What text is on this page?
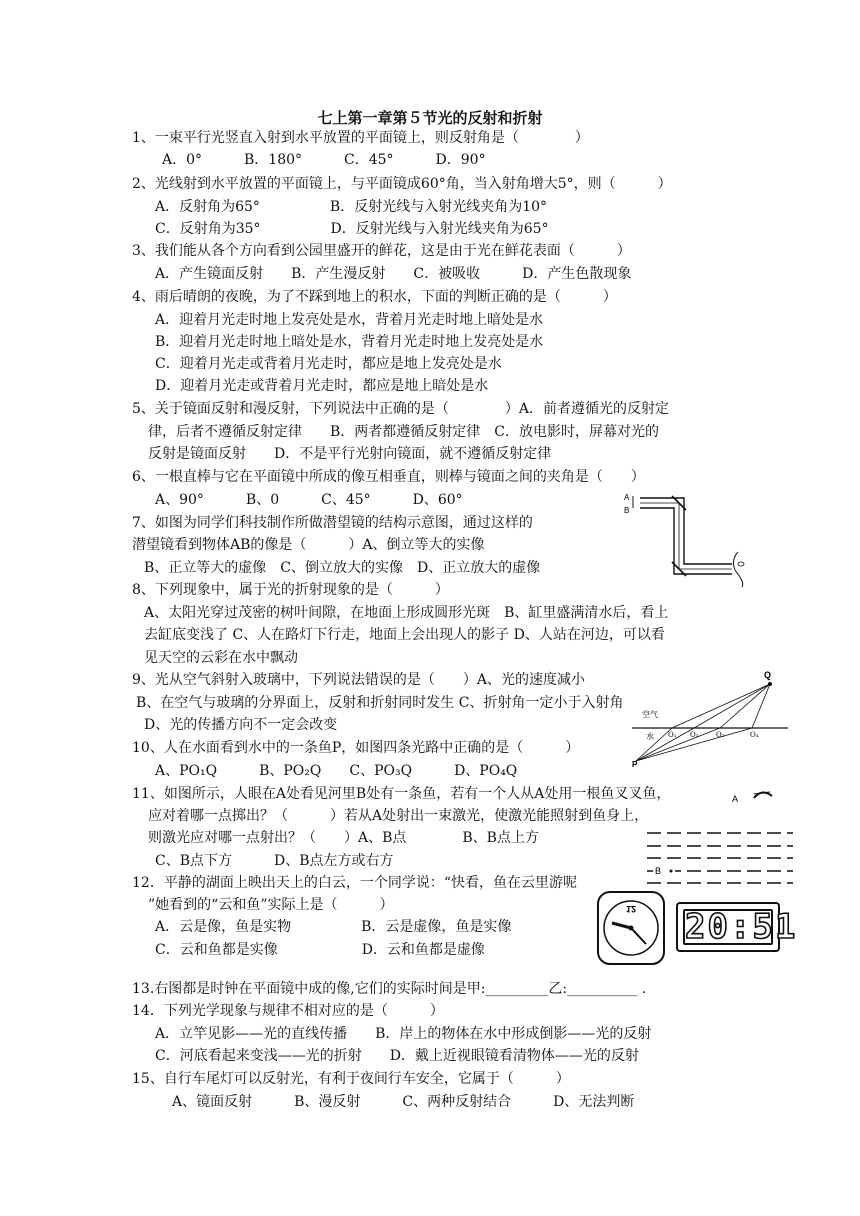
七上第一章第５节光的反射和折射
1、一束平行光竖直入射到水平放置的平面镜上，则反射角是（　　　　）
A．0°　　　B．180°　　　C．45°　　　D．90°
2、光线射到水平放置的平面镜上，与平面镜成60°角，当入射角增大5°，则（　　　）
A．反射角为65°　　　　　B．反射光线与入射光线夹角为10°
C．反射角为35°　　　　　D．反射光线与入射光线夹角为65°
3、我们能从各个方向看到公园里盛开的鲜花，这是由于光在鲜花表面（　　　）
A．产生镜面反射　　B．产生漫反射　　C．被吸收　　　D．产生色散现象
4、雨后晴朗的夜晚，为了不踩到地上的积水，下面的判断正确的是（　　　）
A．迎着月光走时地上发亮处是水，背着月光走时地上暗处是水
B．迎着月光走时地上暗处是水，背着月光走时地上发亮处是水
C．迎着月光走或背着月光走时，都应是地上发亮处是水
D．迎着月光走或背着月光走时，都应是地上暗处是水
5、关于镜面反射和漫反射，下列说法中正确的是（　　　　）A．前者遵循光的反射定
律，后者不遵循反射定律　　B．两者都遵循反射定律　C．放电影时，屏幕对光的
反射是镜面反射　　D．不是平行光射向镜面，就不遵循反射定律
6、一根直棒与它在平面镜中所成的像互相垂直，则棒与镜面之间的夹角是（　　）
A、90°　　　B、0　　　C、45°　　　D、60°
7、如图为同学们科技制作所做潜望镜的结构示意图，通过这样的
潜望镜看到物体AB的像是（　　　）A、倒立等大的实像
B、正立等大的虚像　C、倒立放大的实像　D、正立放大的虚像
8、下列现象中，属于光的折射现象的是（　　　）
A、太阳光穿过茂密的树叶间隙，在地面上形成圆形光斑　B、缸里盛满清水后，看上
去缸底变浅了 C、人在路灯下行走，地面上会出现人的影子 D、人站在河边，可以看
见天空的云彩在水中飘动
9、光从空气斜射入玻璃中，下列说法错误的是（　　）A、光的速度减小
B、在空气与玻璃的分界面上，反射和折射同时发生 C、折射角一定小于入射角
D、光的传播方向不一定会改变
10、人在水面看到水中的一条鱼P，如图四条光路中正确的是（　　　）
A、PO₁Q　　　B、PO₂Q　　C、PO₃Q　　　D、PO₄Q
11、如图所示，人眼在A处看见河里B处有一条鱼，若有一个人从A处用一根鱼叉叉鱼，
应对着哪一点掷出？（　　　）若从A处射出一束激光，使激光能照射到鱼身上，
则激光应对哪一点射出？（　　）A、B点　　　　B、B点上方
C、B点下方　　　D、B点左方或右方
12．平静的湖面上映出天上的白云，一个同学说：“快看，鱼在云里游呢
”她看到的“云和鱼”实际上是（　　　）
A．云是像，鱼是实物　　　　　B．云是虚像，鱼是实像
C．云和鱼都是实像　　　　　　D．云和鱼都是虚像
13.右图都是时钟在平面镜中成的像,它们的实际时间是甲:_________乙:__________ .
14．下列光学现象与规律不相对应的是（　　　）
A．立竿见影——光的直线传播　　B．岸上的物体在水中形成倒影——光的反射
C．河底看起来变浅——光的折射　　D．戴上近视眼镜看清物体——光的反射
15、自行车尾灯可以反射光，有利于夜间行车安全，它属于（　　　）
A、镜面反射　　　B、漫反射　　　C、两种反射结合　　　D、无法判断
A
B
Q
空气
水 O₁ O₂ O₃	O₄
P
A
B
12 20:51
